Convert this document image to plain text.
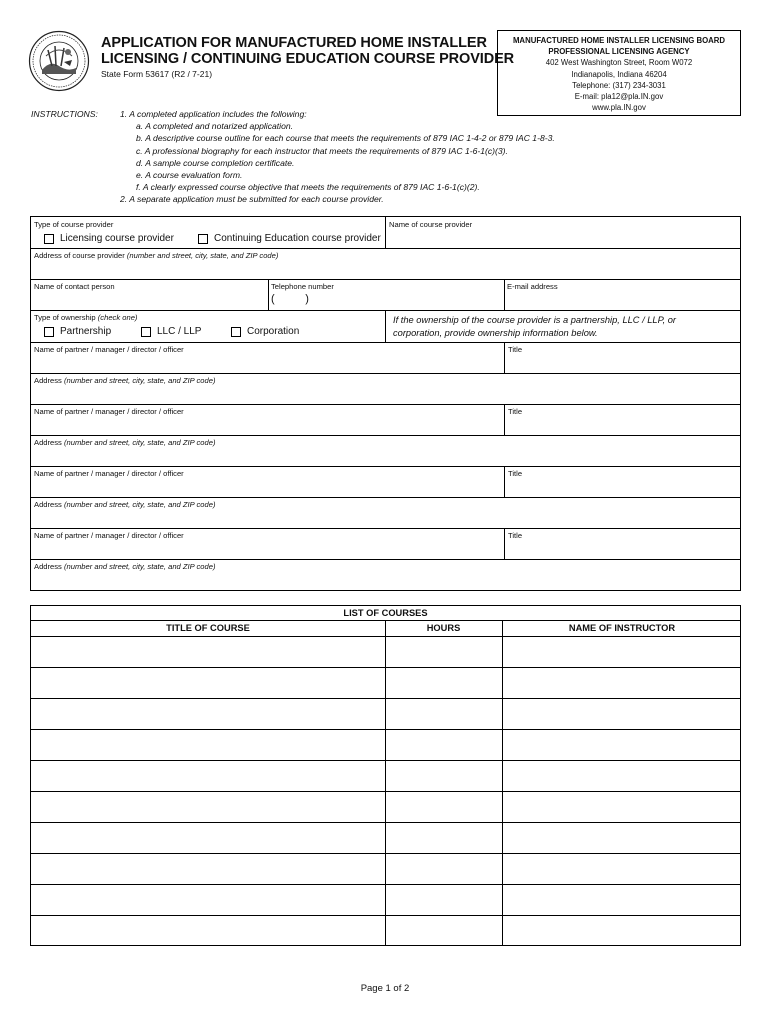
APPLICATION FOR MANUFACTURED HOME INSTALLER
LICENSING / CONTINUING EDUCATION COURSE PROVIDER
State Form 53617 (R2 / 7-21)
MANUFACTURED HOME INSTALLER LICENSING BOARD
PROFESSIONAL LICENSING AGENCY
402 West Washington Street, Room W072
Indianapolis, Indiana 46204
Telephone: (317) 234-3031
E-mail: pla12@pla.IN.gov
www.pla.IN.gov
INSTRUCTIONS:	1. A completed application includes the following:
a. A completed and notarized application.
b. A descriptive course outline for each course that meets the requirements of 879 IAC 1-4-2 or 879 IAC 1-8-3.
c. A professional biography for each instructor that meets the requirements of 879 IAC 1-6-1(c)(3).
d. A sample course completion certificate.
e. A course evaluation form.
f. A clearly expressed course objective that meets the requirements of 879 IAC 1-6-1(c)(2).
2. A separate application must be submitted for each course provider.
Type of course provider
Licensing course provider	Continuing Education course provider
Name of course provider
Address of course provider (number and street, city, state, and ZIP code)
Name of contact person	Telephone number
(          )
E-mail address
Type of ownership (check one)
Partnership	LLC / LLP	Corporation
If the ownership of the course provider is a partnership, LLC / LLP, or
corporation, provide ownership information below.
Name of partner / manager / director / officer	Title
Address (number and street, city, state, and ZIP code)
Name of partner / manager / director / officer	Title
Address (number and street, city, state, and ZIP code)
Name of partner / manager / director / officer	Title
Address (number and street, city, state, and ZIP code)
Name of partner / manager / director / officer	Title
Address (number and street, city, state, and ZIP code)
LIST OF COURSES
TITLE OF COURSE	HOURS	NAME OF INSTRUCTOR
Page 1 of 2
